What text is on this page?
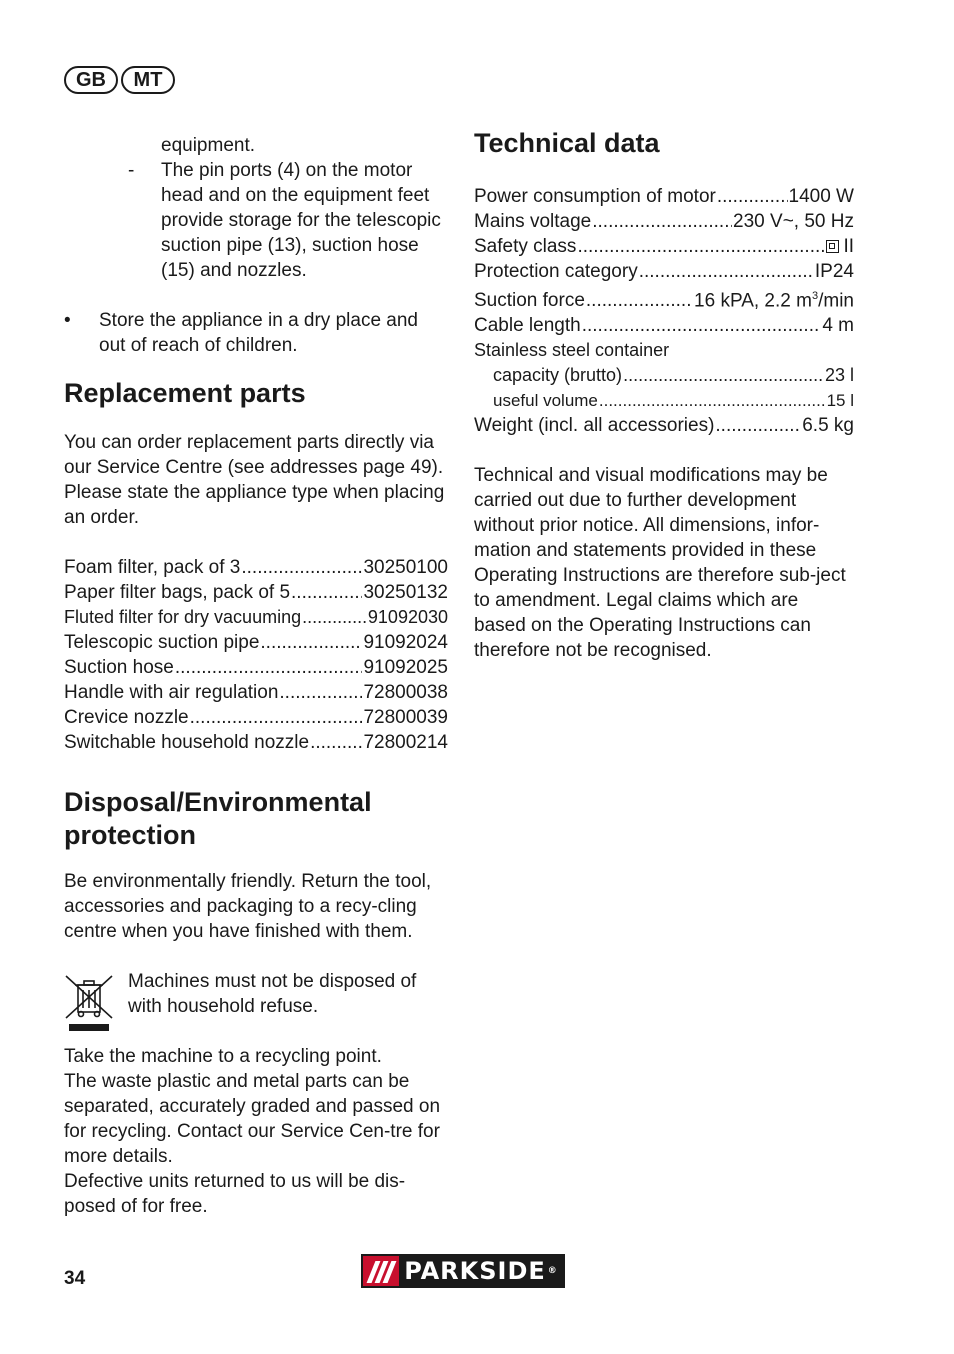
GB	MT

equipment.

- The pin ports (4) on the motor head and on the equipment feet provide storage for the telescopic suction pipe (13), suction hose (15) and nozzles.

• Store the appliance in a dry place and out of reach of children.

Replacement parts

You can order replacement parts directly via our Service Centre (see addresses page 49). Please state the appliance type when placing an order.

Foam filter, pack of 3 .....	30250100
Paper filter bags, pack of 5 .....	30250132
Fluted filter for dry vacuuming .....	91092030
Telescopic suction pipe .....	91092024
Suction hose .....	91092025
Handle with air regulation .....	72800038
Crevice nozzle .....	72800039
Switchable household nozzle .....	72800214
Disposal/Environmental
protection

Be environmentally friendly. Return the tool, accessories and packaging to a recy-cling centre when you have finished with them.

Machines must not be disposed of with household refuse.

Take the machine to a recycling point.

The waste plastic and metal parts can be separated, accurately graded and passed on for recycling. Contact our Service Cen-tre for more details.

Defective units returned to us will be dis-posed of for free.

Technical data
Power consumption of motor .....	1400 W
Mains voltage .....	230 V~, 50 Hz
Safety class .....	II
Protection category .....	IP24
Suction force .....	16 kPA, 2.2 $m^3/\min$
Cable length .....	4 m

Stainless steel container

capacity (brutto) .....	23 l
useful volume .....	15 l
Weight (incl. all accessories) .....	6.5 kg

Technical and visual modifications may be carried out due to further development without prior notice. All dimensions, infor-mation and statements provided in these Operating Instructions are therefore sub-ject to amendment. Legal claims which are based on the Operating Instructions can therefore not be recognised.

34	PARKSIDE ®
